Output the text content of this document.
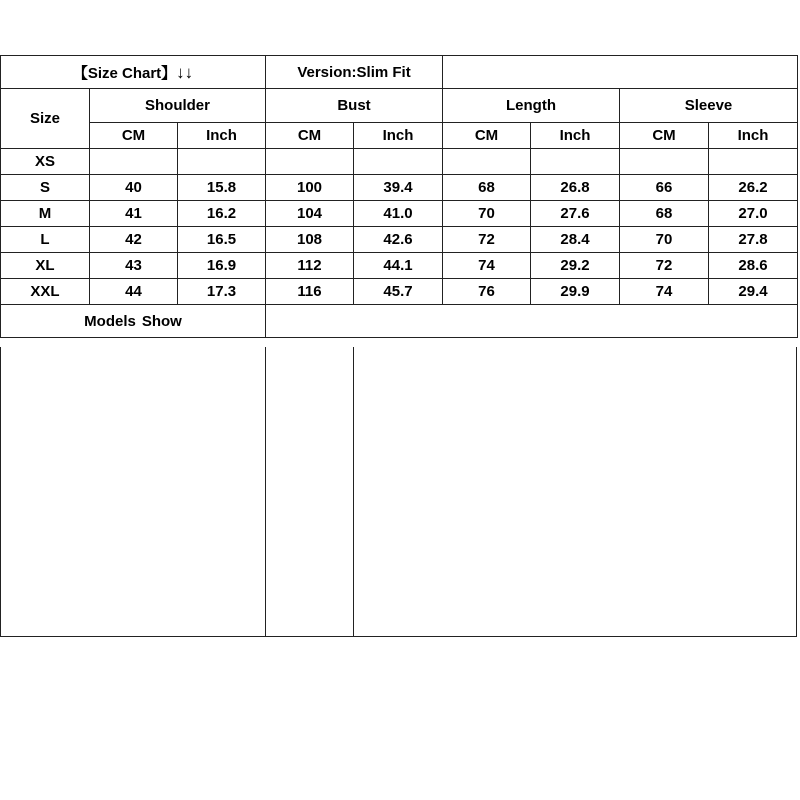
【Size Chart】↓↓			Version:Slim Fit					
Size	Shoulder		Bust		Length		Sleeve	
	CM	Inch	CM	Inch	CM	Inch	CM	Inch
XS								
S	40	15.8	100	39.4	68	26.8	66	26.2
M	41	16.2	104	41.0	70	27.6	68	27.0
L	42	16.5	108	42.6	72	28.4	70	27.8
XL	43	16.9	112	44.1	74	29.2	72	28.6
XXL	44	17.3	116	45.7	76	29.9	74	29.4
Models Show								
